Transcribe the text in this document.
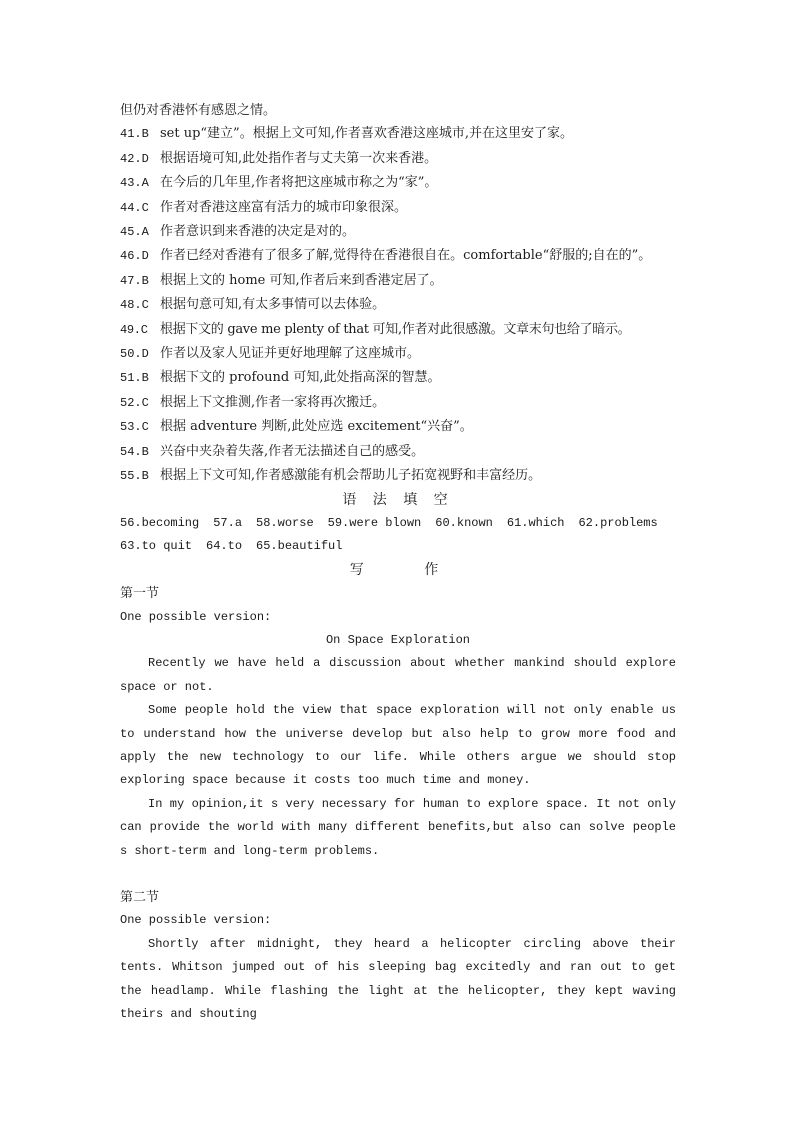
但仍对香港怀有感恩之情。
41.B set up“建立”。根据上文可知,作者喜欢香港这座城市,并在这里安了家。
42.D 根据语境可知,此处指作者与丈夫第一次来香港。
43.A 在今后的几年里,作者将把这座城市称之为“家”。
44.C 作者对香港这座富有活力的城市印象很深。
45.A 作者意识到来香港的决定是对的。
46.D 作者已经对香港有了很多了解,觉得待在香港很自在。comfortable“舒服的;自在的”。
47.B 根据上文的 home 可知,作者后来到香港定居了。
48.C 根据句意可知,有太多事情可以去体验。
49.C 根据下文的 gave me plenty of that 可知,作者对此很感激。文章末句也给了暗示。
50.D 作者以及家人见证并更好地理解了这座城市。
51.B 根据下文的 profound 可知,此处指高深的智慧。
52.C 根据上下文推测,作者一家将再次搬迁。
53.C 根据 adventure 判断,此处应选 excitement“兴奋”。
54.B 兴奋中夹杂着失落,作者无法描述自己的感受。
55.B 根据上下文可知,作者感激能有机会帮助儿子拓宽视野和丰富经历。
语 法 填 空
56.becoming 57.a 58.worse 59.were blown 60.known 61.which 62.problems
63.to quit 64.to 65.beautiful
写 作
第一节
One possible version:
On Space Exploration
Recently we have held a discussion about whether mankind should explore space or not.
Some people hold the view that space exploration will not only enable us to understand how the universe develop but also help to grow more food and apply the new technology to our life. While others argue we should stop exploring space because it costs too much time and money.
In my opinion,it s very necessary for human to explore space. It not only can provide the world with many different benefits,but also can solve people s short-term and long-term problems.
第二节
One possible version:
Shortly after midnight, they heard a helicopter circling above their tents. Whitson jumped out of his sleeping bag excitedly and ran out to get the headlamp. While flashing the light at the helicopter, they kept waving theirs and shouting
